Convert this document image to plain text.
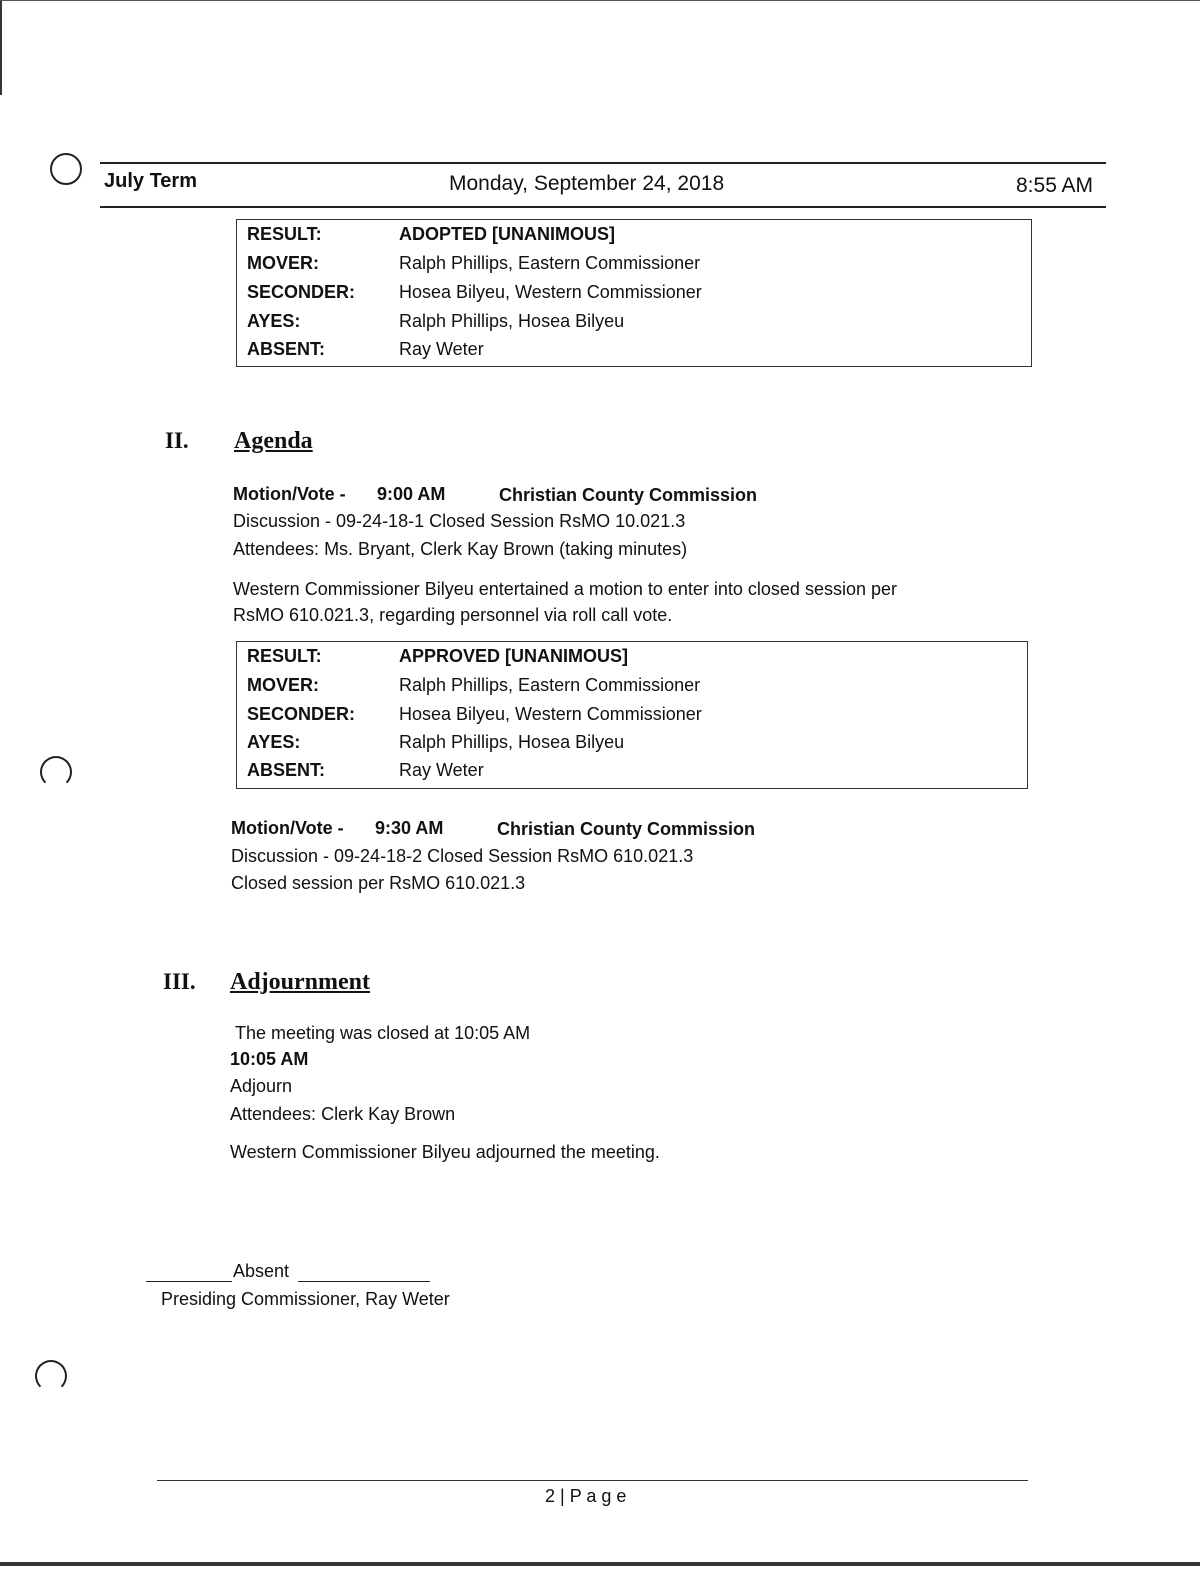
July Term	Monday, September 24, 2018	8:55 AM
RESULT:	ADOPTED [UNANIMOUS]
MOVER:	Ralph Phillips, Eastern Commissioner
SECONDER: Hosea Bilyeu, Western Commissioner
AYES:	Ralph Phillips, Hosea Bilyeu
ABSENT:	Ray Weter
II. Agenda
Motion/Vote - 9:00 AM	Christian County Commission
Discussion - 09-24-18-1 Closed Session RsMO 10.021.3
Attendees: Ms. Bryant, Clerk Kay Brown (taking minutes)
Western Commissioner Bilyeu entertained a motion to enter into closed session per
RsMO 610.021.3, regarding personnel via roll call vote.
RESULT:	APPROVED [UNANIMOUS]
MOVER:	Ralph Phillips, Eastern Commissioner
SECONDER: Hosea Bilyeu, Western Commissioner
AYES:	Ralph Phillips, Hosea Bilyeu
ABSENT:	Ray Weter
Motion/Vote - 9:30 AM	Christian County Commission
Discussion - 09-24-18-2 Closed Session RsMO 610.021.3
Closed session per RsMO 610.021.3
III. Adjournment
The meeting was closed at 10:05 AM
10:05 AM
Adjourn
Attendees: Clerk Kay Brown
Western Commissioner Bilyeu adjourned the meeting.
Absent
Presiding Commissioner, Ray Weter
2 | P a g e
